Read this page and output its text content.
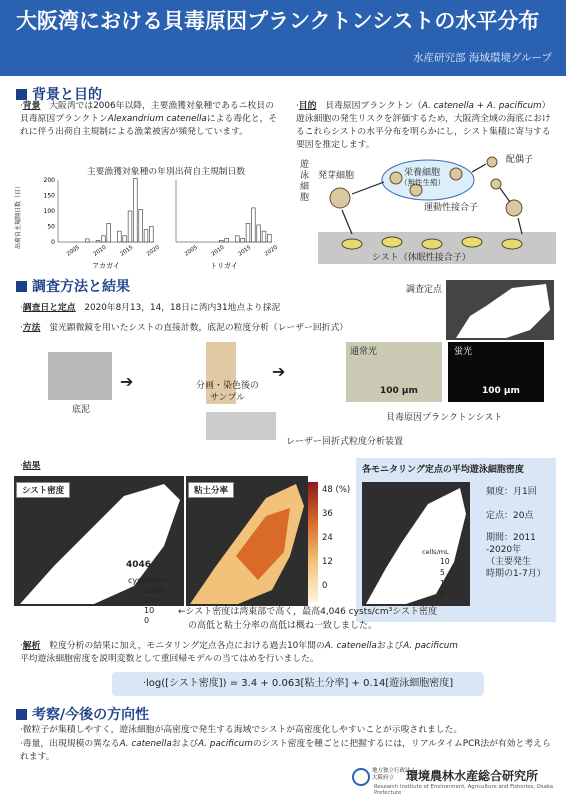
大阪湾における貝毒原因プランクトンシストの水平分布
水産研究部 海域環境グループ
背景と目的
·背景　 大阪湾では2006年以降，主要漁獲対象種であるニ枚貝の貝毒原因プランクトンAlexandrium catenellaによる毒化と，それに伴う出荷自主規制による漁業被害が頻発しています。
·目的　 貝毒原因プランクトン（A. catenella + A. pacificum）遊泳細胞の発生リスクを評価するため，大阪湾全域の海底におけるこれらシストの水平分布を明らかにし，シスト集積に寄与する要因を推定します。
主要漁獲対象種の年別出荷自主規制日数
出荷自主規制日数（日）	0
50
100
150
200
2005 2010 2015 2020
アカガイ
2005 2010 2015 2020
トリガイ
遊泳細胞
発芽細胞	栄養細胞
（無性生殖）
配偶子
運動性接合子
シスト（休眠性接合子）
調査方法と結果
·調査日と定点　 2020年8月13，14，18日に湾内31地点より採泥
·方法　 蛍光顕微鏡を用いたシストの直接計数，底泥の粒度分析（レーザー回折式）
調査定点
底泥
➔	分画・染色後の
サンプル
➔
通常光
100 μm
蛍光
100 μm
貝毒原因プランクトンシスト
レーザー回折式粒度分析装置
·結果
シスト密度
4046
cysts/cm³
1000
100
10
0
粘土分率	48 (%)
36
24
12
0
各モニタリング定点の平均遊泳細胞密度
cells/mL
10
5
1
0
頻度：月1回
定点：20点
期間：2011
-2020年
（主要発生
時期の1-7月）
←シスト密度は湾東部で高く，最高4,046 cysts/cm³シスト密度
の高低と粘土分率の高低は概ね一致しました。
·解析　 粒度分析の結果に加え，モニタリング定点各点における過去10年間のA. catenellaおよびA. pacificum
平均遊泳細胞密度を説明変数として重回帰モデルの当てはめを行いました。
·log([シスト密度]) = 3.4 + 0.063[粘土分率] + 0.14[遊泳細胞密度]
考察/今後の方向性
·微粒子が集積しやすく，遊泳細胞が高密度で発生する海域でシストが高密度化しやすいことが示唆されました。
·毒量，出現規模の異なるA. catenellaおよびA. pacificumのシスト密度を種ごとに把握するには，リアルタイムPCR法が有効と考えられます。
地方独立行政法人
大阪府立 環境農林水産総合研究所
Research Institute of Environment, Agriculture and Fisheries, Osaka Prefecture
